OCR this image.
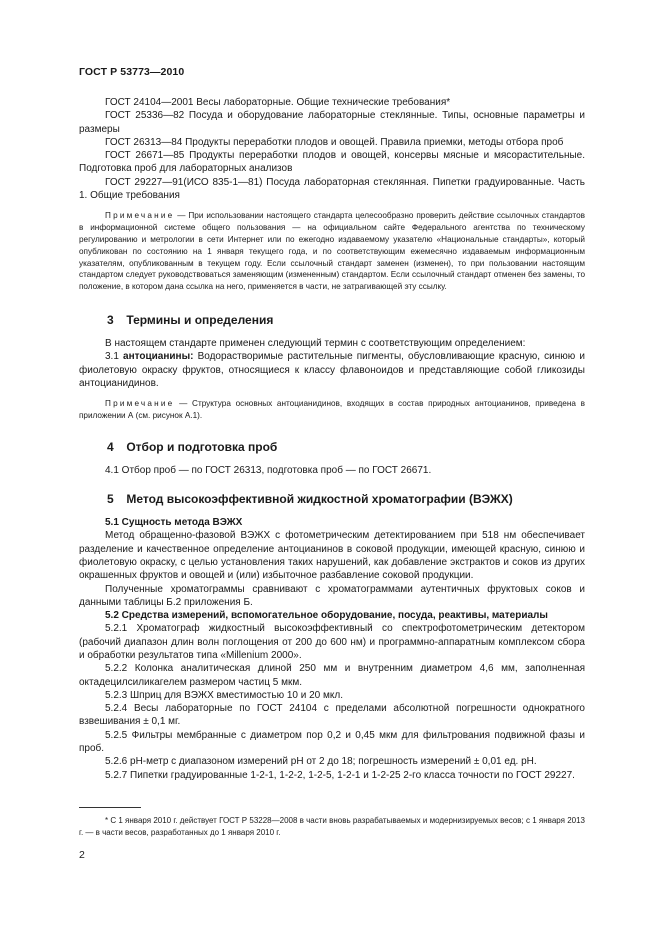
ГОСТ Р 53773—2010

ГОСТ 24104—2001 Весы лабораторные. Общие технические требования*

ГОСТ 25336—82 Посуда и оборудование лабораторные стеклянные. Типы, основные параметры и размеры

ГОСТ 26313—84 Продукты переработки плодов и овощей. Правила приемки, методы отбора проб

ГОСТ 26671—85 Продукты переработки плодов и овощей, консервы мясные и мясорастительные. Подготовка проб для лабораторных анализов

ГОСТ 29227—91(ИСО 835-1—81) Посуда лабораторная стеклянная. Пипетки градуированные. Часть 1. Общие требования

Примечание — При использовании настоящего стандарта целесообразно проверить действие ссылочных стандартов в информационной системе общего пользования — на официальном сайте Федерального агентства по техническому регулированию и метрологии в сети Интернет или по ежегодно издаваемому указателю «Национальные стандарты», который опубликован по состоянию на 1 января текущего года, и по соответствующим ежемесячно издаваемым информационным указателям, опубликованным в текущем году. Если ссылочный стандарт заменен (изменен), то при пользовании настоящим стандартом следует руководствоваться заменяющим (измененным) стандартом. Если ссылочный стандарт отменен без замены, то положение, в котором дана ссылка на него, применяется в части, не затрагивающей эту ссылку.

3 Термины и определения

В настоящем стандарте применен следующий термин с соответствующим определением:

3.1 антоцианины: Водорастворимые растительные пигменты, обусловливающие красную, синюю и фиолетовую окраску фруктов, относящиеся к классу флавоноидов и представляющие собой гликозиды антоцианидинов.

Примечание — Структура основных антоцианидинов, входящих в состав природных антоцианинов, приведена в приложении А (см. рисунок А.1).

4 Отбор и подготовка проб

4.1 Отбор проб — по ГОСТ 26313, подготовка проб — по ГОСТ 26671.

5 Метод высокоэффективной жидкостной хроматографии (ВЭЖХ)

5.1 Сущность метода ВЭЖХ

Метод обращенно-фазовой ВЭЖХ с фотометрическим детектированием при 518 нм обеспечивает разделение и качественное определение антоцианинов в соковой продукции, имеющей красную, синюю и фиолетовую окраску, с целью установления таких нарушений, как добавление экстрактов и соков из других окрашенных фруктов и овощей и (или) избыточное разбавление соковой продукции.

Полученные хроматограммы сравнивают с хроматограммами аутентичных фруктовых соков и данными таблицы Б.2 приложения Б.

5.2 Средства измерений, вспомогательное оборудование, посуда, реактивы, материалы

5.2.1 Хроматограф жидкостный высокоэффективный со спектрофотометрическим детектором (рабочий диапазон длин волн поглощения от 200 до 600 нм) и программно-аппаратным комплексом сбора и обработки результатов типа «Millenium 2000».

5.2.2 Колонка аналитическая длиной 250 мм и внутренним диаметром 4,6 мм, заполненная октадецилсиликагелем размером частиц 5 мкм.

5.2.3 Шприц для ВЭЖХ вместимостью 10 и 20 мкл.

5.2.4 Весы лабораторные по ГОСТ 24104 с пределами абсолютной погрешности однократного взвешивания ± 0,1 мг.

5.2.5 Фильтры мембранные с диаметром пор 0,2 и 0,45 мкм для фильтрования подвижной фазы и проб.

5.2.6 pH-метр с диапазоном измерений pH от 2 до 18; погрешность измерений ± 0,01 ед. pH.

5.2.7 Пипетки градуированные 1-2-1, 1-2-2, 1-2-5, 1-2-1 и 1-2-25 2-го класса точности по ГОСТ 29227.

* С 1 января 2010 г. действует ГОСТ Р 53228—2008 в части вновь разрабатываемых и модернизируемых весов; с 1 января 2013 г. — в части весов, разработанных до 1 января 2010 г.
2
